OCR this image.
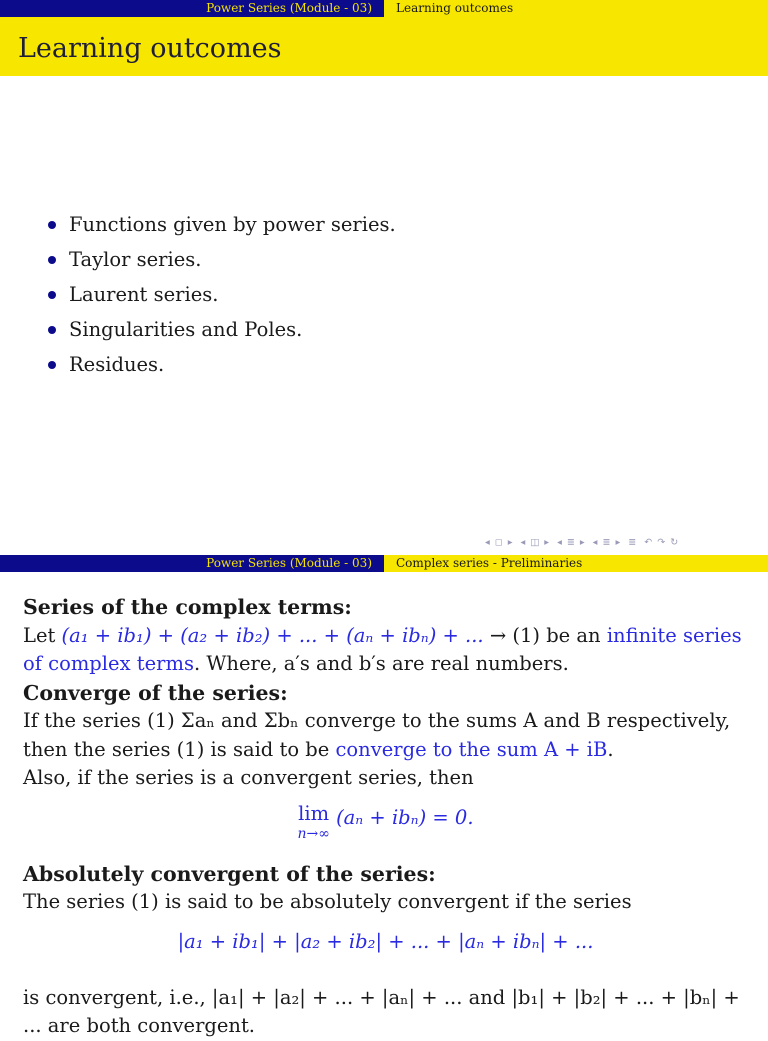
Power Series (Module - 03)	Learning outcomes
Learning outcomes
Functions given by power series.
Taylor series.
Laurent series.
Singularities and Poles.
Residues.
◂ ◻ ▸ ◂ ◫ ▸ ◂ ≣ ▸ ◂ ≣ ▸ ≣ ↶ ↷ ↻
Power Series (Module - 03)	Complex series - Preliminaries
Series of the complex terms:
Let (a₁ + ib₁) + (a₂ + ib₂) + ... + (aₙ + ibₙ) + ... → (1) be an infinite series of complex terms. Where, a′s and b′s are real numbers.
Converge of the series:
If the series (1) Σaₙ and Σbₙ converge to the sums A and B respectively, then the series (1) is said to be converge to the sum A + iB.
Also, if the series is a convergent series, then
lim
n→∞
(aₙ + ibₙ) = 0.
Absolutely convergent of the series:
The series (1) is said to be absolutely convergent if the series
|a₁ + ib₁| + |a₂ + ib₂| + ... + |aₙ + ibₙ| + ...
is convergent, i.e., |a₁| + |a₂| + ... + |aₙ| + ... and |b₁| + |b₂| + ... + |bₙ| + ... are both convergent.
